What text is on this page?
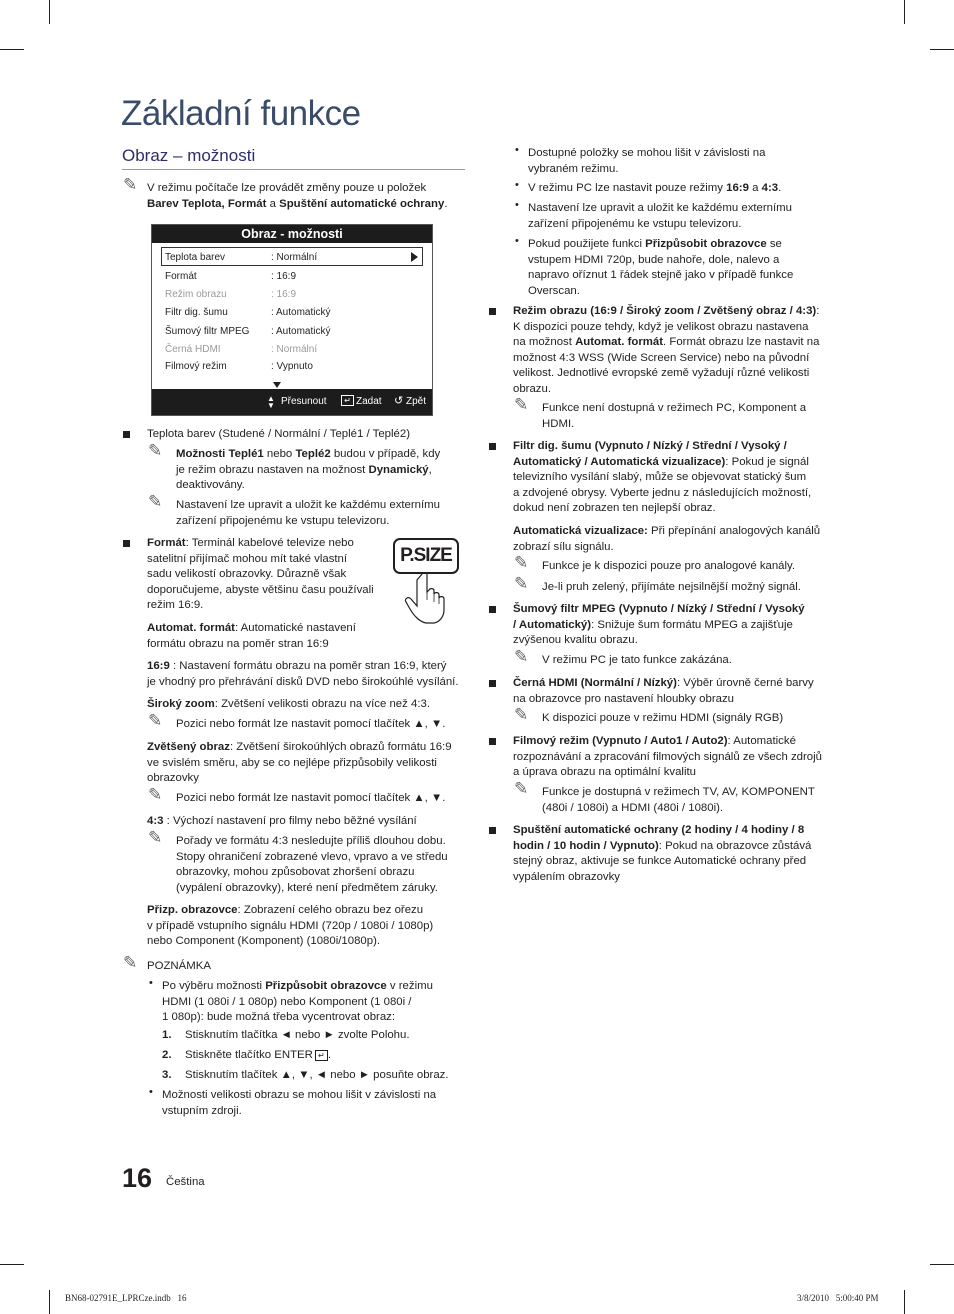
Základní funkce
Obraz – možnosti
✎ V režimu počítače lze provádět změny pouze u položek
Barev Teplota, Formát a Spuštění automatické ochrany.
Obraz - možnosti
Teplota barev	: Normální
Formát	: 16:9
Režim obrazu	: 16:9
Filtr dig. šumu	: Automatický
Šumový filtr MPEG : Automatický
Černá HDMI	: Normální
Filmový režim	: Vypnuto
▲
▼ Přesunout	↵ Zadat ↺ Zpět
Teplota barev (Studené / Normální / Teplé1 / Teplé2)
✎ Možnosti Teplé1 nebo Teplé2 budou v případě, kdy
je režim obrazu nastaven na možnost Dynamický,
deaktivovány.
✎ Nastavení lze upravit a uložit ke každému externímu
zařízení připojenému ke vstupu televizoru.
Formát: Terminál kabelové televize nebo
satelitní přijímač mohou mít také vlastní
sadu velikostí obrazovky. Důrazně však
doporučujeme, abyste většinu času používali
režim 16:9.
P.SIZE
Automat. formát: Automatické nastavení
formátu obrazu na poměr stran 16:9
16:9 : Nastavení formátu obrazu na poměr stran 16:9, který
je vhodný pro přehrávání disků DVD nebo širokoúhlé vysílání.
Široký zoom: Zvětšení velikosti obrazu na více než 4:3.
✎ Pozici nebo formát lze nastavit pomocí tlačítek ▲, ▼.
Zvětšený obraz: Zvětšení širokoúhlých obrazů formátu 16:9
ve svislém směru, aby se co nejlépe přizpůsobily velikosti
obrazovky
✎ Pozici nebo formát lze nastavit pomocí tlačítek ▲, ▼.
4:3 : Výchozí nastavení pro filmy nebo běžné vysílání
✎ Pořady ve formátu 4:3 nesledujte příliš dlouhou dobu.
Stopy ohraničení zobrazené vlevo, vpravo a ve středu
obrazovky, mohou způsobovat zhoršení obrazu
(vypálení obrazovky), které není předmětem záruky.
Přizp. obrazovce: Zobrazení celého obrazu bez ořezu
v případě vstupního signálu HDMI (720p / 1080i / 1080p)
nebo Component (Komponent) (1080i/1080p).
✎ POZNÁMKA
• Po výběru možnosti Přizpůsobit obrazovce v režimu
HDMI (1 080i / 1 080p) nebo Komponent (1 080i /
1 080p): bude možná třeba vycentrovat obraz:
1. Stisknutím tlačítka ◄ nebo ► zvolte Polohu.
2. Stiskněte tlačítko ENTER ↵ .
3. Stisknutím tlačítek ▲, ▼, ◄ nebo ► posuňte obraz.
• Možnosti velikosti obrazu se mohou lišit v závislosti na
vstupním zdroji.
16 Čeština
BN68-02791E_LPRCze.indb   16	3/8/2010   5:00:40 PM
• Dostupné položky se mohou lišit v závislosti na
vybraném režimu.
• V režimu PC lze nastavit pouze režimy 16:9 a 4:3.
• Nastavení lze upravit a uložit ke každému externímu
zařízení připojenému ke vstupu televizoru.
• Pokud použijete funkci Přizpůsobit obrazovce se
vstupem HDMI 720p, bude nahoře, dole, nalevo a
napravo oříznut 1 řádek stejně jako v případě funkce
Overscan.
Režim obrazu (16:9 / Široký zoom / Zvětšený obraz / 4:3):
K dispozici pouze tehdy, když je velikost obrazu nastavena
na možnost Automat. formát. Formát obrazu lze nastavit na
možnost 4:3 WSS (Wide Screen Service) nebo na původní
velikost. Jednotlivé evropské země vyžadují různé velikosti
obrazu.
✎ Funkce není dostupná v režimech PC, Komponent a
HDMI.
Filtr dig. šumu (Vypnuto / Nízký / Střední / Vysoký /
Automatický / Automatická vizualizace): Pokud je signál
televizního vysílání slabý, může se objevovat statický šum
a zdvojené obrysy. Vyberte jednu z následujících možností,
dokud není zobrazen ten nejlepší obraz.
Automatická vizualizace: Při přepínání analogových kanálů
zobrazí sílu signálu.
✎ Funkce je k dispozici pouze pro analogové kanály.
✎ Je-li pruh zelený, přijímáte nejsilnější možný signál.
Šumový filtr MPEG (Vypnuto / Nízký / Střední / Vysoký
/ Automatický): Snižuje šum formátu MPEG a zajišťuje
zvýšenou kvalitu obrazu.
✎ V režimu PC je tato funkce zakázána.
Černá HDMI (Normální / Nízký): Výběr úrovně černé barvy
na obrazovce pro nastavení hloubky obrazu
✎ K dispozici pouze v režimu HDMI (signály RGB)
Filmový režim (Vypnuto / Auto1 / Auto2): Automatické
rozpoznávání a zpracování filmových signálů ze všech zdrojů
a úprava obrazu na optimální kvalitu
✎ Funkce je dostupná v režimech TV, AV, KOMPONENT
(480i / 1080i) a HDMI (480i / 1080i).
Spuštění automatické ochrany (2 hodiny / 4 hodiny / 8
hodin / 10 hodin / Vypnuto): Pokud na obrazovce zůstává
stejný obraz, aktivuje se funkce Automatické ochrany před
vypálením obrazovky
